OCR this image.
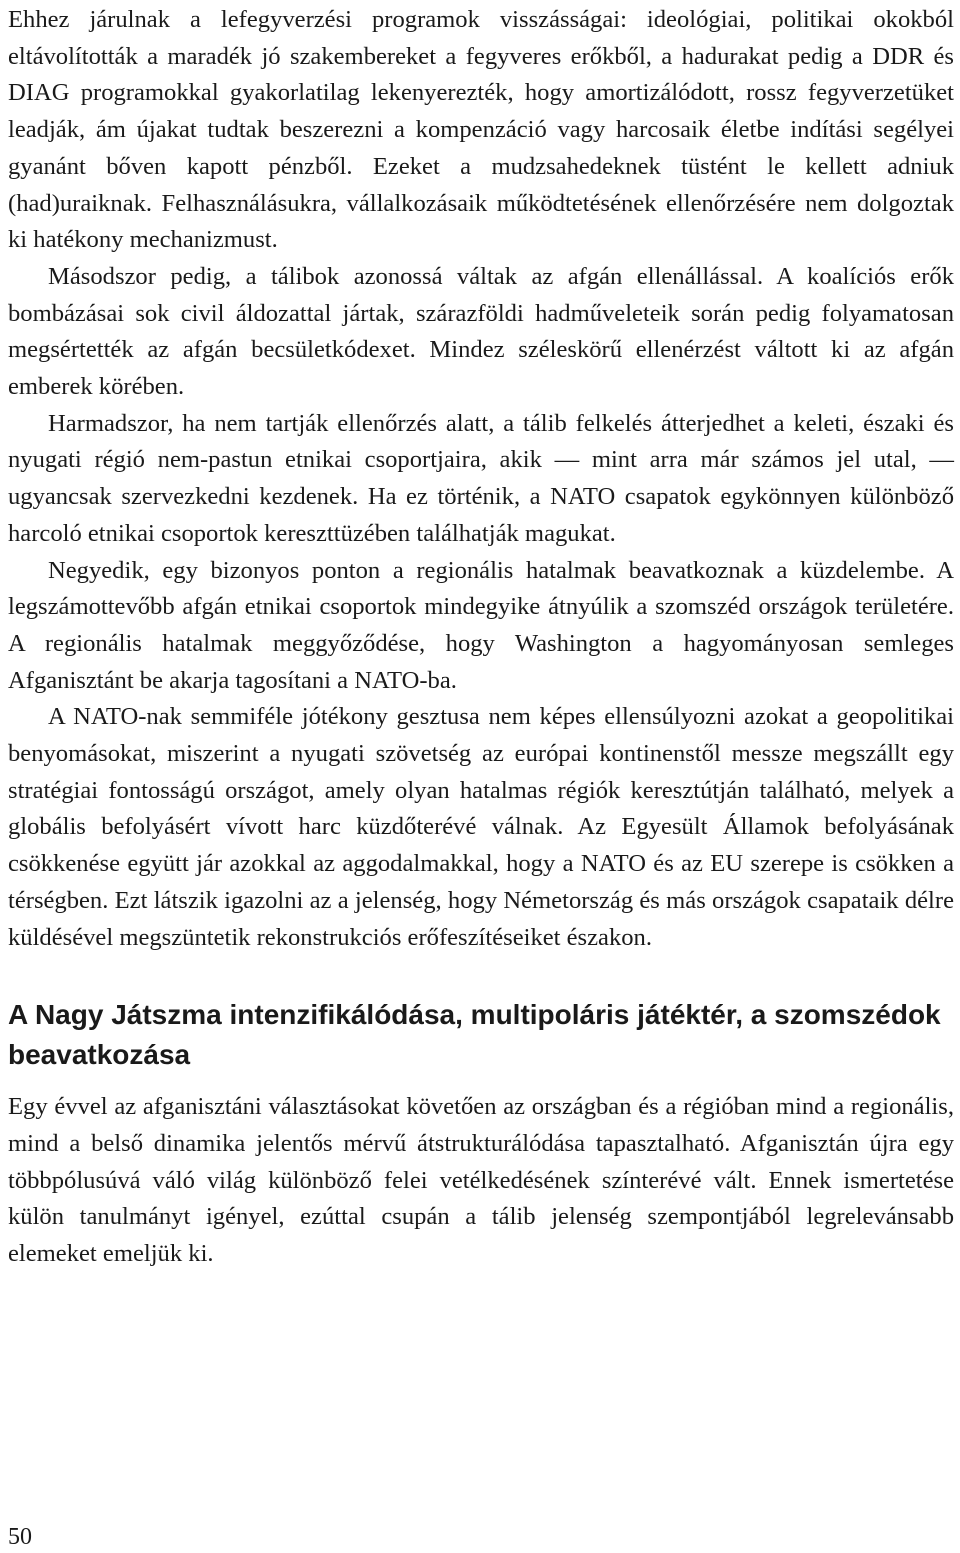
Ehhez járulnak a lefegyverzési programok visszásságai: ideológiai, politikai okokból eltávolították a maradék jó szakembereket a fegyveres erőkből, a hadurakat pedig a DDR és DIAG programokkal gyakorlatilag lekenyerezték, hogy amortizálódott, rossz fegyverzetüket leadják, ám újakat tudtak beszerezni a kompenzáció vagy harcosaik életbe indítási segélyei gyanánt bőven kapott pénzből. Ezeket a mudzsahedeknek tüstént le kellett adniuk (had)uraiknak. Felhasználásukra, vállalkozásaik működtetésének ellenőrzésére nem dolgoztak ki hatékony mechanizmust.

Másodszor pedig, a tálibok azonossá váltak az afgán ellenállással. A koalíciós erők bombázásai sok civil áldozattal jártak, szárazföldi hadműveleteik során pedig folyamatosan megsértették az afgán becsületkódexet. Mindez széleskörű ellenérzést váltott ki az afgán emberek körében.

Harmadszor, ha nem tartják ellenőrzés alatt, a tálib felkelés átterjedhet a keleti, északi és nyugati régió nem-pastun etnikai csoportjaira, akik — mint arra már számos jel utal, — ugyancsak szervezkedni kezdenek. Ha ez történik, a NATO csapatok egykönnyen különböző harcoló etnikai csoportok kereszttüzében találhatják magukat.

Negyedik, egy bizonyos ponton a regionális hatalmak beavatkoznak a küzdelembe. A legszámottevőbb afgán etnikai csoportok mindegyike átnyúlik a szomszéd országok területére. A regionális hatalmak meggyőződése, hogy Washington a hagyományosan semleges Afganisztánt be akarja tagosítani a NATO-ba.

A NATO-nak semmiféle jótékony gesztusa nem képes ellensúlyozni azokat a geopolitikai benyomásokat, miszerint a nyugati szövetség az európai kontinenstől messze megszállt egy stratégiai fontosságú országot, amely olyan hatalmas régiók keresztútján található, melyek a globális befolyásért vívott harc küzdőterévé válnak. Az Egyesült Államok befolyásának csökkenése együtt jár azokkal az aggodalmakkal, hogy a NATO és az EU szerepe is csökken a térségben. Ezt látszik igazolni az a jelenség, hogy Németország és más országok csapataik délre küldésével megszüntetik rekonstrukciós erőfeszítéseiket északon.

A Nagy Játszma intenzifikálódása, multipoláris játéktér, a szomszédok beavatkozása

Egy évvel az afganisztáni választásokat követően az országban és a régióban mind a regionális, mind a belső dinamika jelentős mérvű átstrukturálódása tapasztalható. Afganisztán újra egy többpólusúvá váló világ különböző felei vetélkedésének színterévé vált. Ennek ismertetése külön tanulmányt igényel, ezúttal csupán a tálib jelenség szempontjából legrelevánsabb elemeket emeljük ki.

50
